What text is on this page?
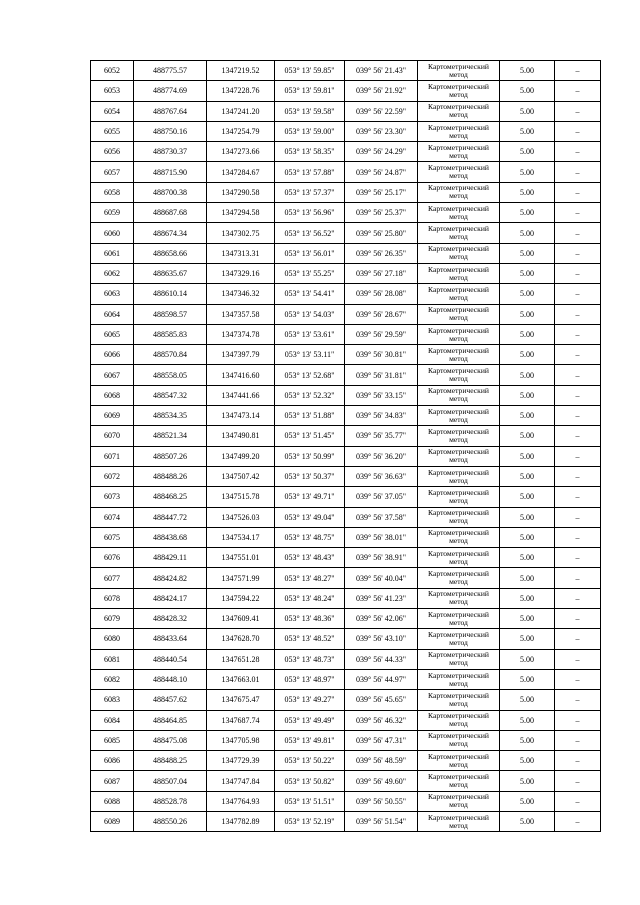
6052	488775.57	1347219.52	053° 13' 59.85"	039° 56' 21.43"	Картометрический метод	5.00	–
6053	488774.69	1347228.76	053° 13' 59.81"	039° 56' 21.92"	Картометрический метод	5.00	–
6054	488767.64	1347241.20	053° 13' 59.58"	039° 56' 22.59"	Картометрический метод	5.00	–
6055	488750.16	1347254.79	053° 13' 59.00"	039° 56' 23.30"	Картометрический метод	5.00	–
6056	488730.37	1347273.66	053° 13' 58.35"	039° 56' 24.29"	Картометрический метод	5.00	–
6057	488715.90	1347284.67	053° 13' 57.88"	039° 56' 24.87"	Картометрический метод	5.00	–
6058	488700.38	1347290.58	053° 13' 57.37"	039° 56' 25.17"	Картометрический метод	5.00	–
6059	488687.68	1347294.58	053° 13' 56.96"	039° 56' 25.37"	Картометрический метод	5.00	–
6060	488674.34	1347302.75	053° 13' 56.52"	039° 56' 25.80"	Картометрический метод	5.00	–
6061	488658.66	1347313.31	053° 13' 56.01"	039° 56' 26.35"	Картометрический метод	5.00	–
6062	488635.67	1347329.16	053° 13' 55.25"	039° 56' 27.18"	Картометрический метод	5.00	–
6063	488610.14	1347346.32	053° 13' 54.41"	039° 56' 28.08"	Картометрический метод	5.00	–
6064	488598.57	1347357.58	053° 13' 54.03"	039° 56' 28.67"	Картометрический метод	5.00	–
6065	488585.83	1347374.78	053° 13' 53.61"	039° 56' 29.59"	Картометрический метод	5.00	–
6066	488570.84	1347397.79	053° 13' 53.11"	039° 56' 30.81"	Картометрический метод	5.00	–
6067	488558.05	1347416.60	053° 13' 52.68"	039° 56' 31.81"	Картометрический метод	5.00	–
6068	488547.32	1347441.66	053° 13' 52.32"	039° 56' 33.15"	Картометрический метод	5.00	–
6069	488534.35	1347473.14	053° 13' 51.88"	039° 56' 34.83"	Картометрический метод	5.00	–
6070	488521.34	1347490.81	053° 13' 51.45"	039° 56' 35.77"	Картометрический метод	5.00	–
6071	488507.26	1347499.20	053° 13' 50.99"	039° 56' 36.20"	Картометрический метод	5.00	–
6072	488488.26	1347507.42	053° 13' 50.37"	039° 56' 36.63"	Картометрический метод	5.00	–
6073	488468.25	1347515.78	053° 13' 49.71"	039° 56' 37.05"	Картометрический метод	5.00	–
6074	488447.72	1347526.03	053° 13' 49.04"	039° 56' 37.58"	Картометрический метод	5.00	–
6075	488438.68	1347534.17	053° 13' 48.75"	039° 56' 38.01"	Картометрический метод	5.00	–
6076	488429.11	1347551.01	053° 13' 48.43"	039° 56' 38.91"	Картометрический метод	5.00	–
6077	488424.82	1347571.99	053° 13' 48.27"	039° 56' 40.04"	Картометрический метод	5.00	–
6078	488424.17	1347594.22	053° 13' 48.24"	039° 56' 41.23"	Картометрический метод	5.00	–
6079	488428.32	1347609.41	053° 13' 48.36"	039° 56' 42.06"	Картометрический метод	5.00	–
6080	488433.64	1347628.70	053° 13' 48.52"	039° 56' 43.10"	Картометрический метод	5.00	–
6081	488440.54	1347651.28	053° 13' 48.73"	039° 56' 44.33"	Картометрический метод	5.00	–
6082	488448.10	1347663.01	053° 13' 48.97"	039° 56' 44.97"	Картометрический метод	5.00	–
6083	488457.62	1347675.47	053° 13' 49.27"	039° 56' 45.65"	Картометрический метод	5.00	–
6084	488464.85	1347687.74	053° 13' 49.49"	039° 56' 46.32"	Картометрический метод	5.00	–
6085	488475.08	1347705.98	053° 13' 49.81"	039° 56' 47.31"	Картометрический метод	5.00	–
6086	488488.25	1347729.39	053° 13' 50.22"	039° 56' 48.59"	Картометрический метод	5.00	–
6087	488507.04	1347747.84	053° 13' 50.82"	039° 56' 49.60"	Картометрический метод	5.00	–
6088	488528.78	1347764.93	053° 13' 51.51"	039° 56' 50.55"	Картометрический метод	5.00	–
6089	488550.26	1347782.89	053° 13' 52.19"	039° 56' 51.54"	Картометрический метод	5.00	–
